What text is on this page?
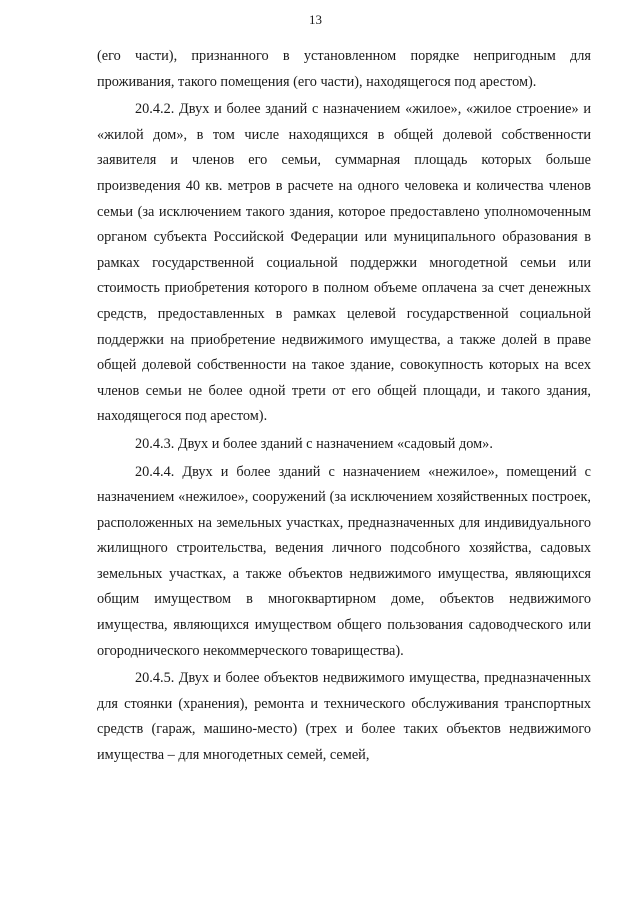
13

(его части), признанного в установленном порядке непригодным для проживания, такого помещения (его части), находящегося под арестом).

20.4.2. Двух и более зданий с назначением «жилое», «жилое строение» и «жилой дом», в том числе находящихся в общей долевой собственности заявителя и членов его семьи, суммарная площадь которых больше произведения 40 кв. метров в расчете на одного человека и количества членов семьи (за исключением такого здания, которое предоставлено уполномоченным органом субъекта Российской Федерации или муниципального образования в рамках государственной социальной поддержки многодетной семьи или стоимость приобретения которого в полном объеме оплачена за счет денежных средств, предоставленных в рамках целевой государственной социальной поддержки на приобретение недвижимого имущества, а также долей в праве общей долевой собственности на такое здание, совокупность которых на всех членов семьи не более одной трети от его общей площади, и такого здания, находящегося под арестом).

20.4.3. Двух и более зданий с назначением «садовый дом».

20.4.4. Двух и более зданий с назначением «нежилое», помещений с назначением «нежилое», сооружений (за исключением хозяйственных построек, расположенных на земельных участках, предназначенных для индивидуального жилищного строительства, ведения личного подсобного хозяйства, садовых земельных участках, а также объектов недвижимого имущества, являющихся общим имуществом в многоквартирном доме, объектов недвижимого имущества, являющихся имуществом общего пользования садоводческого или огороднического некоммерческого товарищества).

20.4.5. Двух и более объектов недвижимого имущества, предназначенных для стоянки (хранения), ремонта и технического обслуживания транспортных средств (гараж, машино-место) (трех и более таких объектов недвижимого имущества – для многодетных семей, семей,
